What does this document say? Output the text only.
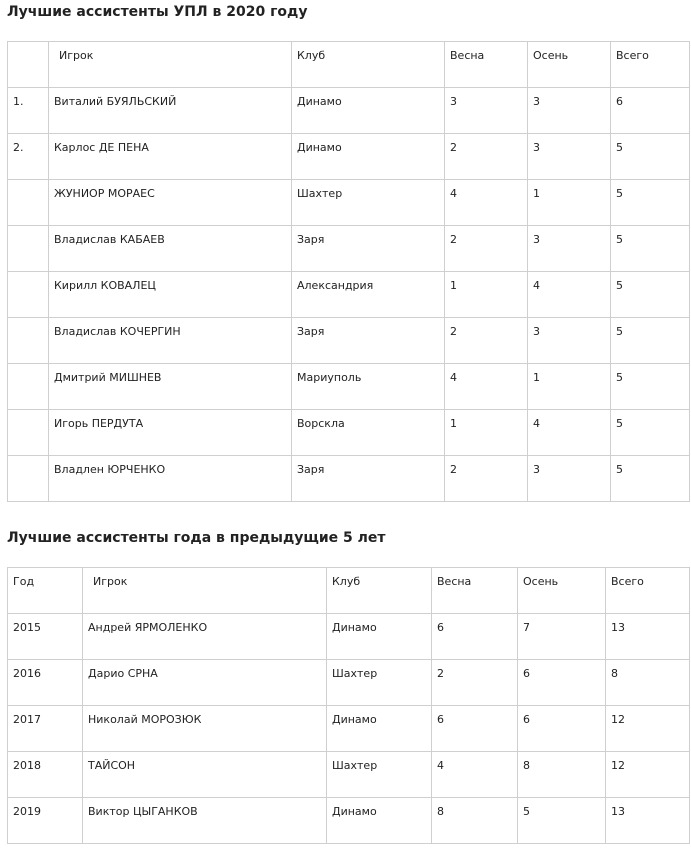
Лучшие ассистенты УПЛ в 2020 году
	Игрок	Клуб	Весна	Осень	Всего
1.	Виталий БУЯЛЬСКИЙ	Динамо	3	3	6
2.	Карлос ДЕ ПЕНА	Динамо	2	3	5
	ЖУНИОР МОРАЕС	Шахтер	4	1	5
	Владислав КАБАЕВ	Заря	2	3	5
	Кирилл КОВАЛЕЦ	Александрия	1	4	5
	Владислав КОЧЕРГИН	Заря	2	3	5
	Дмитрий МИШНЕВ	Мариуполь	4	1	5
	Игорь ПЕРДУТА	Ворскла	1	4	5
	Владлен ЮРЧЕНКО	Заря	2	3	5
Лучшие ассистенты года в предыдущие 5 лет
Год	Игрок	Клуб	Весна	Осень	Всего
2015	Андрей ЯРМОЛЕНКО	Динамо	6	7	13
2016	Дарио СРНА	Шахтер	2	6	8
2017	Николай МОРОЗЮК	Динамо	6	6	12
2018	ТАЙСОН	Шахтер	4	8	12
2019	Виктор ЦЫГАНКОВ	Динамо	8	5	13
